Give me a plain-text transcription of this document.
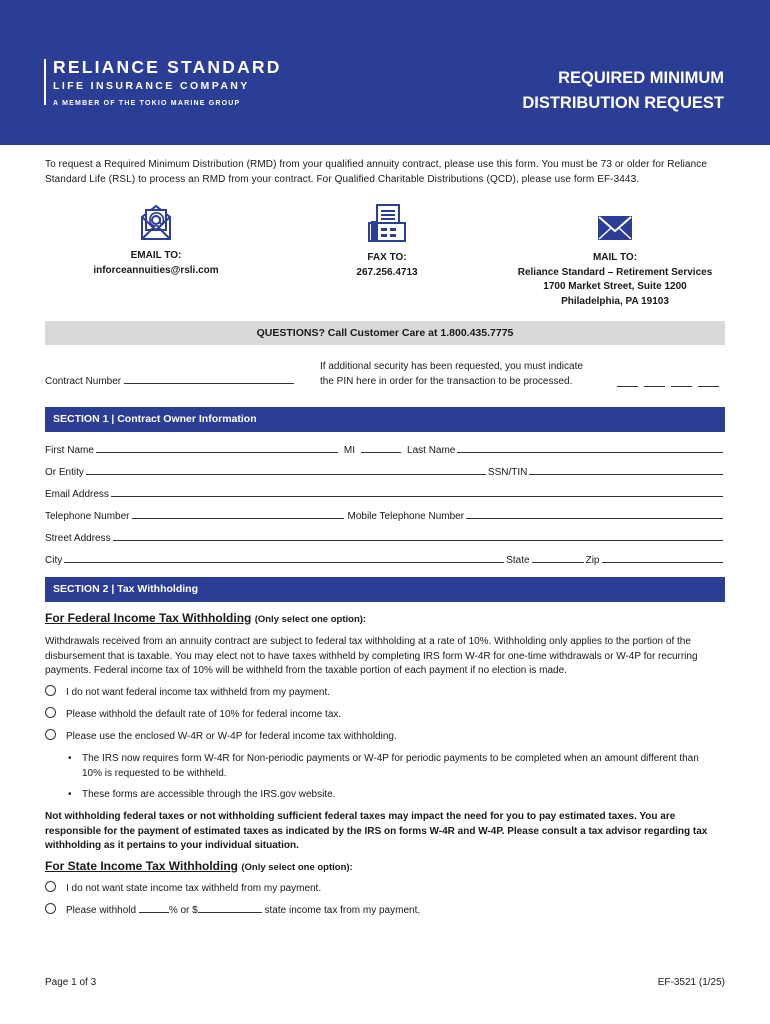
RELIANCE STANDARD
LIFE INSURANCE COMPANY
A MEMBER OF THE TOKIO MARINE GROUP
REQUIRED MINIMUM
DISTRIBUTION REQUEST
To request a Required Minimum Distribution (RMD) from your qualified annuity contract, please use this form. You must be 73 or older for Reliance Standard Life (RSL) to process an RMD from your contract. For Qualified Charitable Distributions (QCD), please use form EF-3443.
EMAIL TO:
inforceannuities@rsli.com
FAX TO:
267.256.4713
MAIL TO:
Reliance Standard – Retirement Services
1700 Market Street, Suite 1200
Philadelphia, PA 19103
QUESTIONS? Call Customer Care at 1.800.435.7775
Contract Number
If additional security has been requested, you must indicate
the PIN here in order for the transaction to be processed.
SECTION 1 | Contract Owner Information
First Name	MI	Last Name
Or Entity	SSN/TIN
Email Address
Telephone Number	Mobile Telephone Number
Street Address
City	State	Zip
SECTION 2 | Tax Withholding
For Federal Income Tax Withholding (Only select one option):
Withdrawals received from an annuity contract are subject to federal tax withholding at a rate of 10%. Withholding only applies to the portion of the disbursement that is taxable. You may elect not to have taxes withheld by completing IRS form W-4R for one-time withdrawals or W-4P for recurring payments. Federal income tax of 10% will be withheld from the taxable portion of each payment if no election is made.
I do not want federal income tax withheld from my payment.
Please withhold the default rate of 10% for federal income tax.
Please use the enclosed W-4R or W-4P for federal income tax withholding.
• The IRS now requires form W-4R for Non-periodic payments or W-4P for periodic payments to be completed when an amount different than 10% is requested to be withheld.
• These forms are accessible through the IRS.gov website.
Not withholding federal taxes or not withholding sufficient federal taxes may impact the need for you to pay estimated taxes. You are responsible for the payment of estimated taxes as indicated by the IRS on forms W-4R and W-4P. Please consult a tax advisor regarding tax withholding as it pertains to your individual situation.
For State Income Tax Withholding (Only select one option):
I do not want state income tax withheld from my payment.
Please withhold	% or $	state income tax from my payment.
Page 1 of 3	EF-3521 (1/25)
